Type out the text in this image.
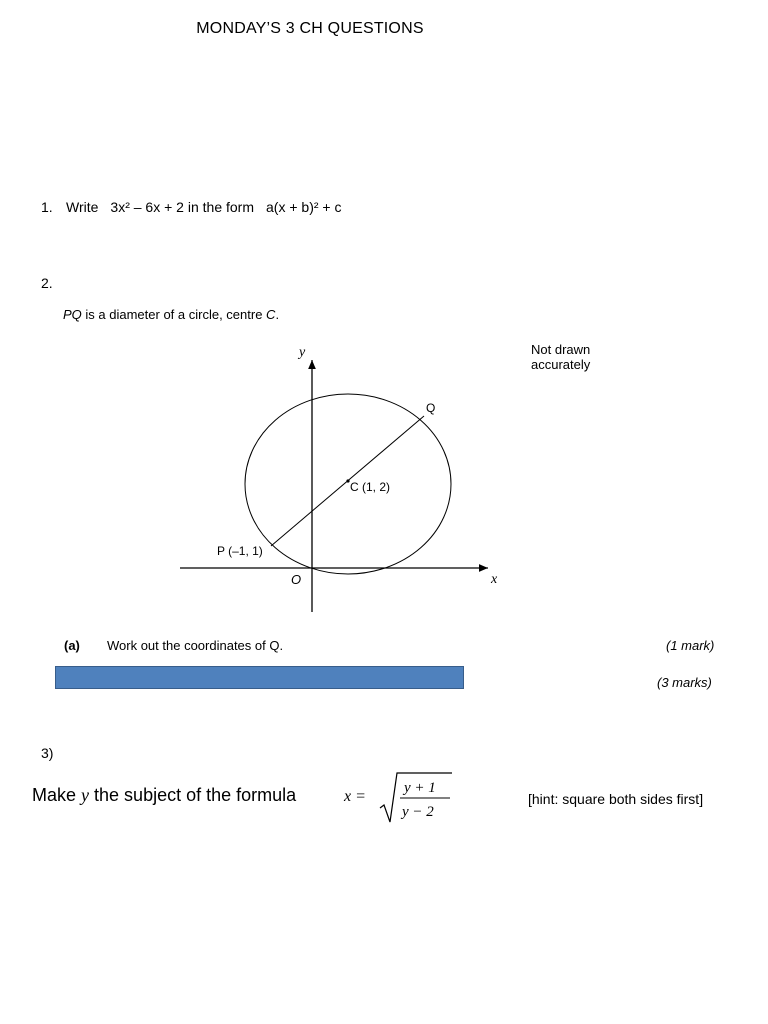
MONDAY’S 3 CH QUESTIONS
1. Write 3x² – 6x + 2 in the form a(x + b)² + c
2.
PQ is a diameter of a circle, centre C.
Not drawn
accurately
y
x
O
Q
C (1, 2)
P (–1, 1)
(a) Work out the coordinates of Q.	(1 mark)
(3 marks)
3)
Make y the subject of the formula	x =	y + 1
y − 2
[hint: square both sides first]
